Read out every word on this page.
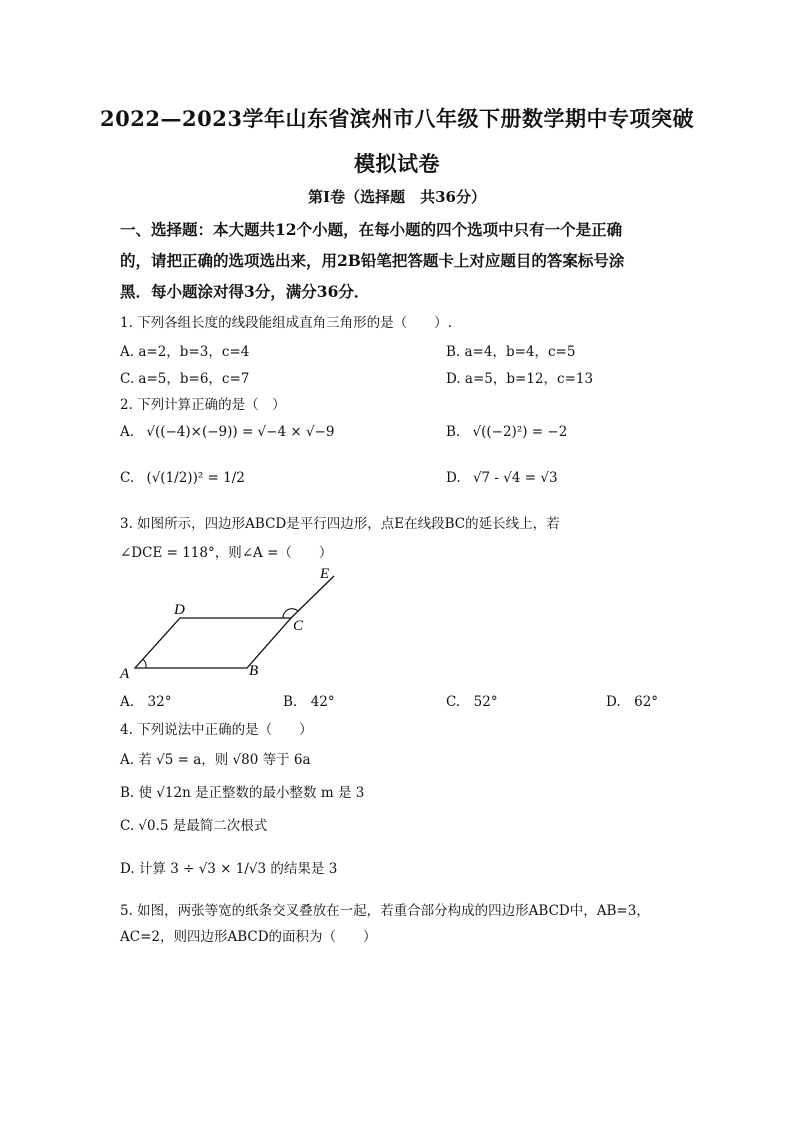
2022—2023学年山东省滨州市八年级下册数学期中专项突破
模拟试卷
第Ⅰ卷（选择题　共36分）
一、选择题：本大题共12个小题，在每小题的四个选项中只有一个是正确
的，请把正确的选项选出来，用2B铅笔把答题卡上对应题目的答案标号涂
黑．每小题涂对得3分，满分36分．
1. 下列各组长度的线段能组成直角三角形的是（　　）.
A. a=2，b=3，c=4	B. a=4，b=4，c=5
C. a=5，b=6，c=7	D. a=5，b=12，c=13
2. 下列计算正确的是（　）
A. √((−4)×(−9)) = √−4 × √−9	B. √((−2)²) = −2
C. (√(1/2))² = 1/2	D. √7 - √4 = √3
3. 如图所示，四边形ABCD是平行四边形，点E在线段BC的延长线上，若
∠DCE = 118°，则∠A =（　　）
A	B
C
D
E
A.　32°	B.　42°	C.　52°	D.　62°
4. 下列说法中正确的是（　　）
A. 若 √5 = a，则 √80 等于 6a
B. 使 √12n 是正整数的最小整数 m 是 3
C. √0.5 是最简二次根式
D. 计算 3 ÷ √3 × 1/√3 的结果是 3
5. 如图，两张等宽的纸条交叉叠放在一起，若重合部分构成的四边形ABCD中，AB=3，
AC=2，则四边形ABCD的面积为（　　）
